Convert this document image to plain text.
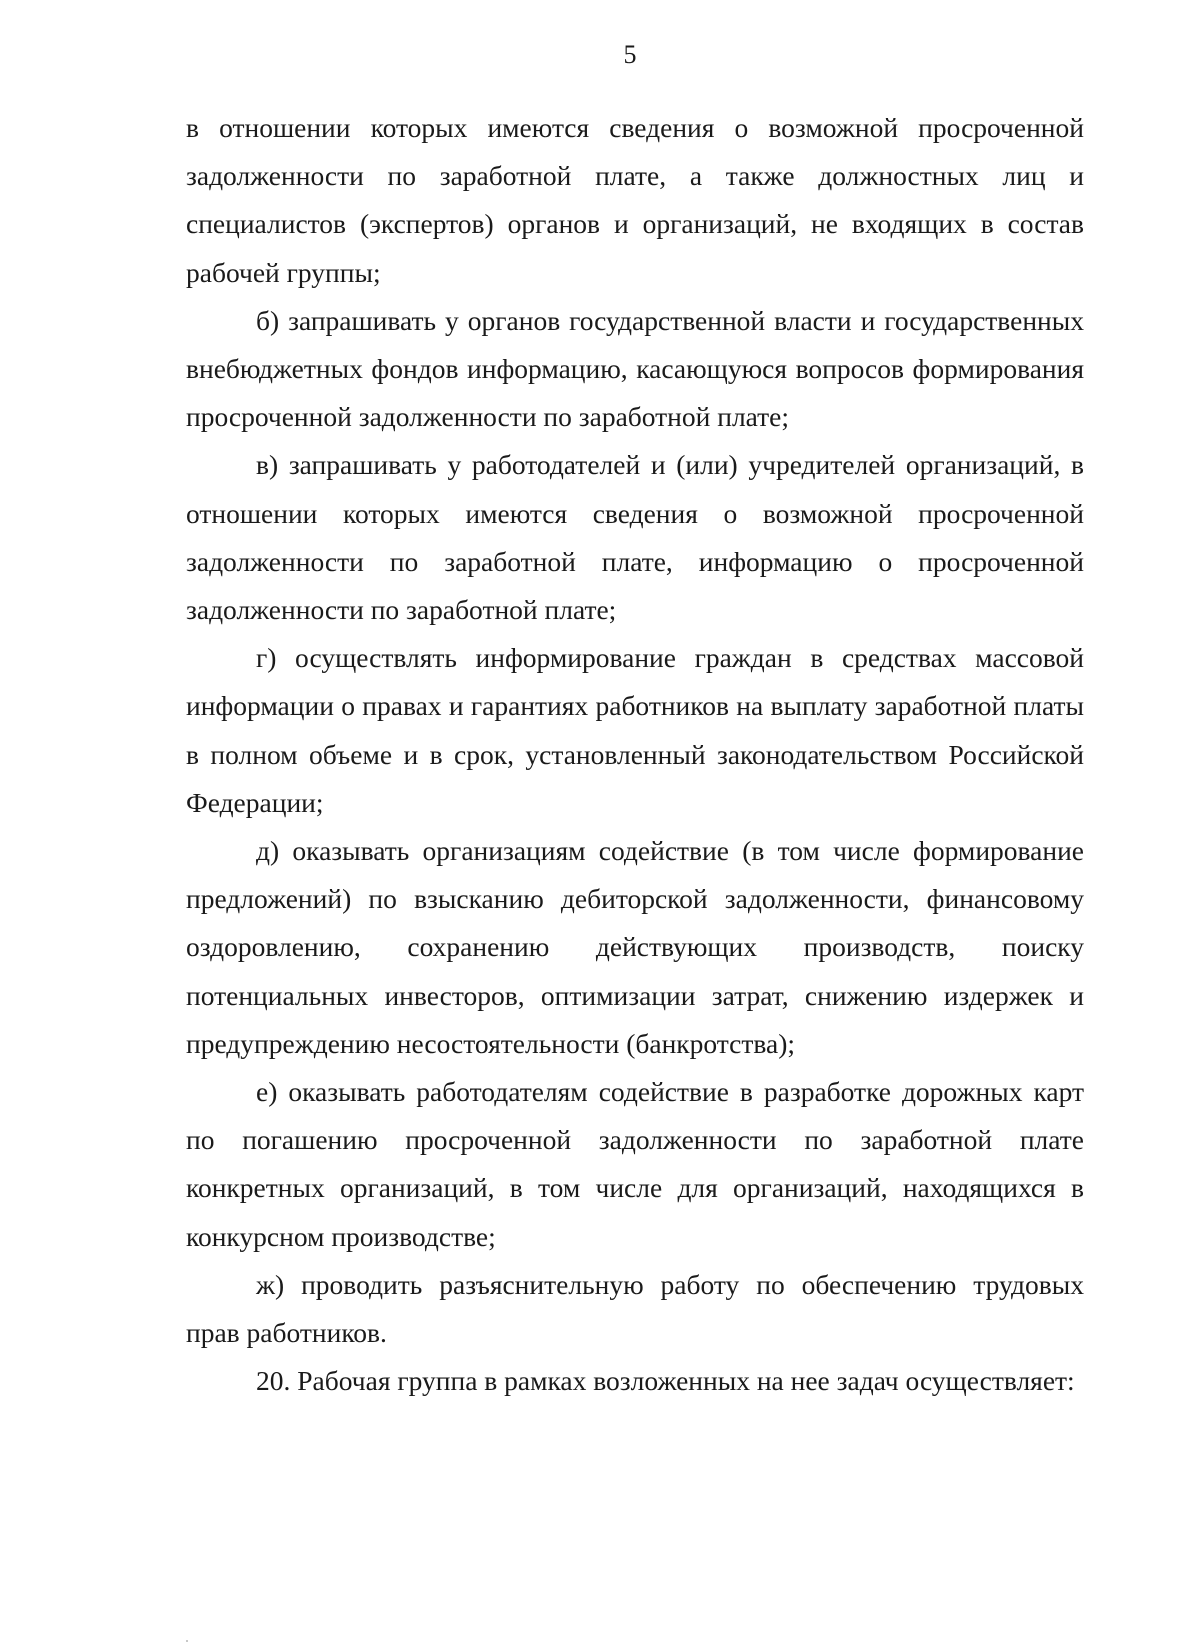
5

в отношении которых имеются сведения о возможной просроченной задолженности по заработной плате, а также должностных лиц и специалистов (экспертов) органов и организаций, не входящих в состав рабочей группы;

б) запрашивать у органов государственной власти и государственных внебюджетных фондов информацию, касающуюся вопросов формирования просроченной задолженности по заработной плате;

в) запрашивать у работодателей и (или) учредителей организаций, в отношении которых имеются сведения о возможной просроченной задолженности по заработной плате, информацию о просроченной задолженности по заработной плате;

г) осуществлять информирование граждан в средствах массовой информации о правах и гарантиях работников на выплату заработной платы в полном объеме и в срок, установленный законодательством Российской Федерации;

д) оказывать организациям содействие (в том числе формирование предложений) по взысканию дебиторской задолженности, финансовому оздоровлению, сохранению действующих производств, поиску потенциальных инвесторов, оптимизации затрат, снижению издержек и предупреждению несостоятельности (банкротства);

е) оказывать работодателям содействие в разработке дорожных карт по погашению просроченной задолженности по заработной плате конкретных организаций, в том числе для организаций, находящихся в конкурсном производстве;

ж) проводить разъяснительную работу по обеспечению трудовых прав работников.

20. Рабочая группа в рамках возложенных на нее задач осуществляет:
